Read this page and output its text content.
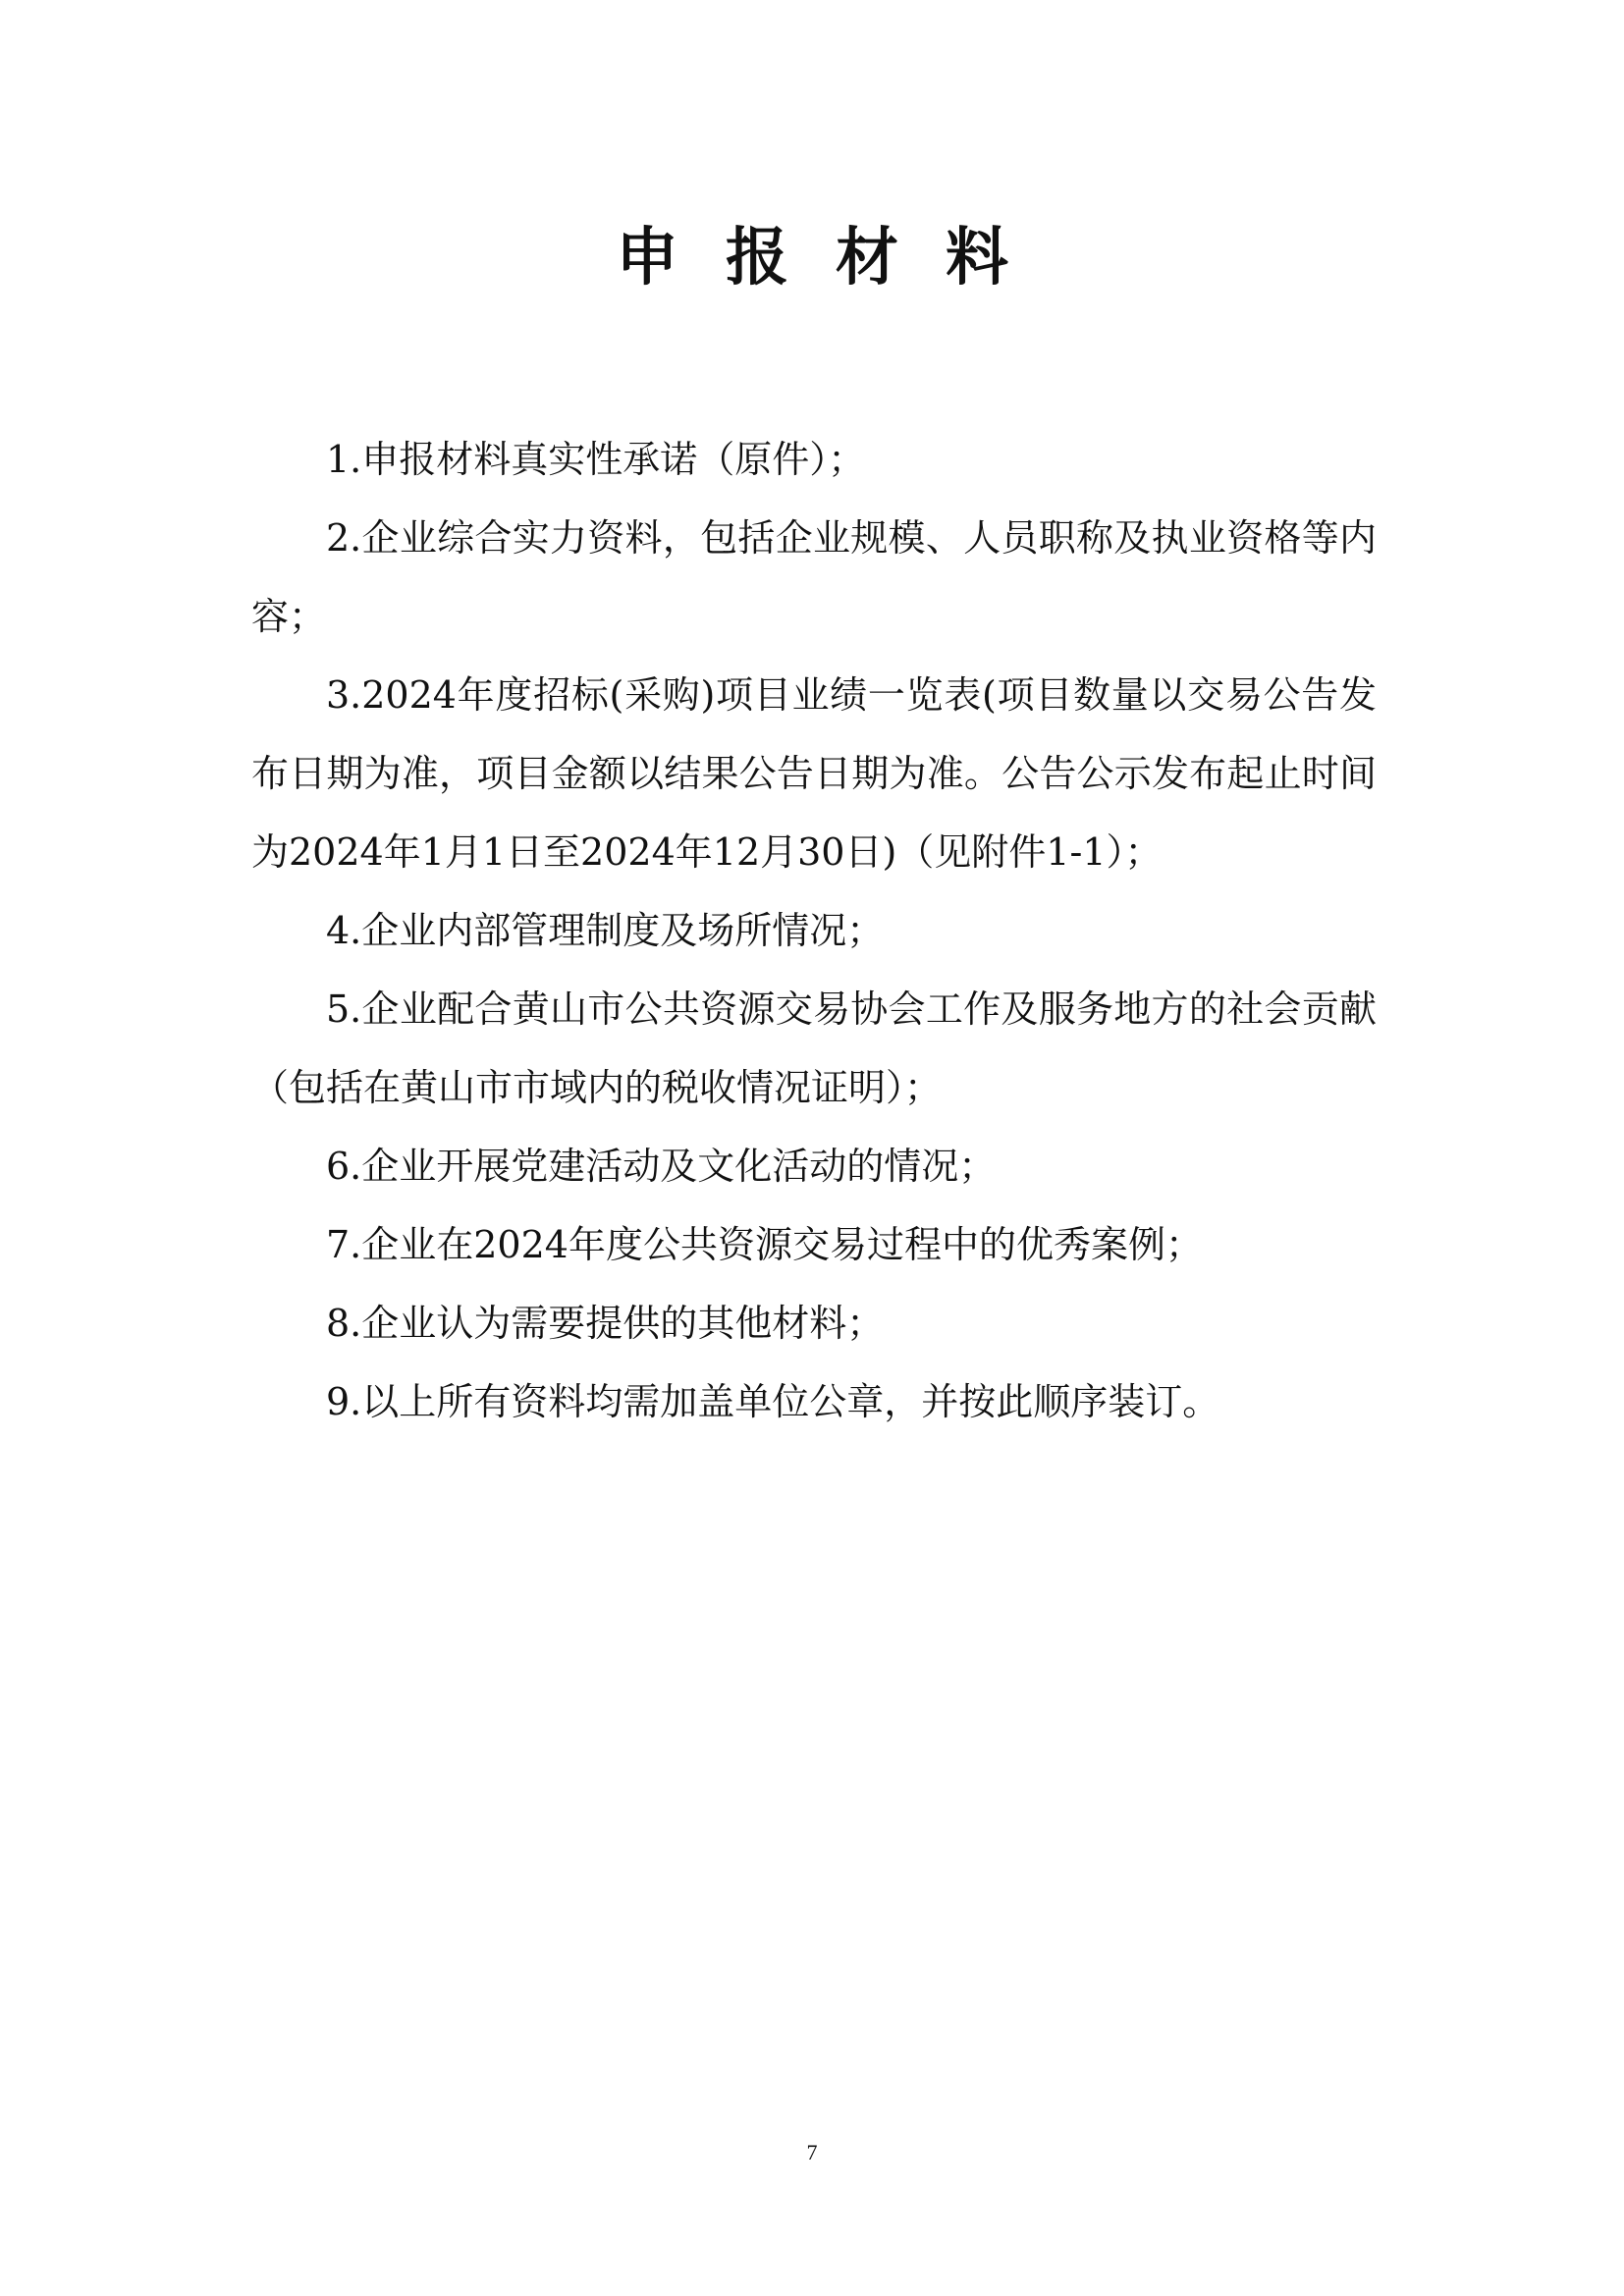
申报材料

1.申报材料真实性承诺（原件）；

2.企业综合实力资料，包括企业规模、人员职称及执业资格等内容；

3.2024年度招标(采购)项目业绩一览表(项目数量以交易公告发布日期为准，项目金额以结果公告日期为准。公告公示发布起止时间为2024年1月1日至2024年12月30日)（见附件1-1）；

4.企业内部管理制度及场所情况；

5.企业配合黄山市公共资源交易协会工作及服务地方的社会贡献（包括在黄山市市域内的税收情况证明）；

6.企业开展党建活动及文化活动的情况；

7.企业在2024年度公共资源交易过程中的优秀案例；

8.企业认为需要提供的其他材料；

9.以上所有资料均需加盖单位公章，并按此顺序装订。

7
